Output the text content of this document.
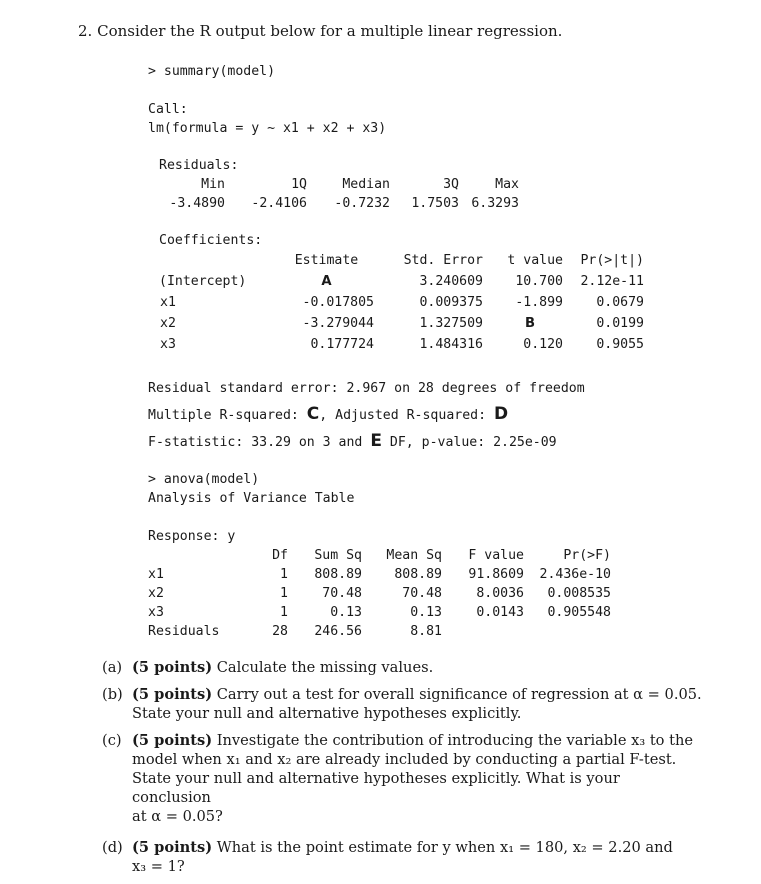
2. Consider the R output below for a multiple linear regression.
> summary(model)
Call:
lm(formula = y ~ x1 + x2 + x3)
Residuals:
Min	1Q	Median	3Q	Max
-3.4890	-2.4106	-0.7232	1.7503	6.3293
Coefficients:
	Estimate	Std. Error	t value	Pr(>|t|)
(Intercept)	A	3.240609	10.700	2.12e-11
x1	-0.017805	0.009375	-1.899	0.0679
x2	-3.279044	1.327509	B	0.0199
x3	0.177724	1.484316	0.120	0.9055
Residual standard error: 2.967 on 28 degrees of freedom
Multiple R-squared: C, Adjusted R-squared: D
F-statistic: 33.29 on 3 and E DF, p-value: 2.25e-09
> anova(model)
Analysis of Variance Table
Response: y
	Df	Sum Sq	Mean Sq	F value	Pr(>F)
x1	1	808.89	808.89	91.8609	2.436e-10
x2	1	70.48	70.48	8.0036	0.008535
x3	1	0.13	0.13	0.0143	0.905548
Residuals	28	246.56	8.81		
(a) (5 points) Calculate the missing values.
(b) (5 points) Carry out a test for overall significance of regression at α = 0.05.
State your null and alternative hypotheses explicitly.
(c) (5 points) Investigate the contribution of introducing the variable x₃ to the
model when x₁ and x₂ are already included by conducting a partial F-test.
State your null and alternative hypotheses explicitly. What is your conclusion
at α = 0.05?
(d) (5 points) What is the point estimate for y when x₁ = 180, x₂ = 2.20 and
x₃ = 1?
